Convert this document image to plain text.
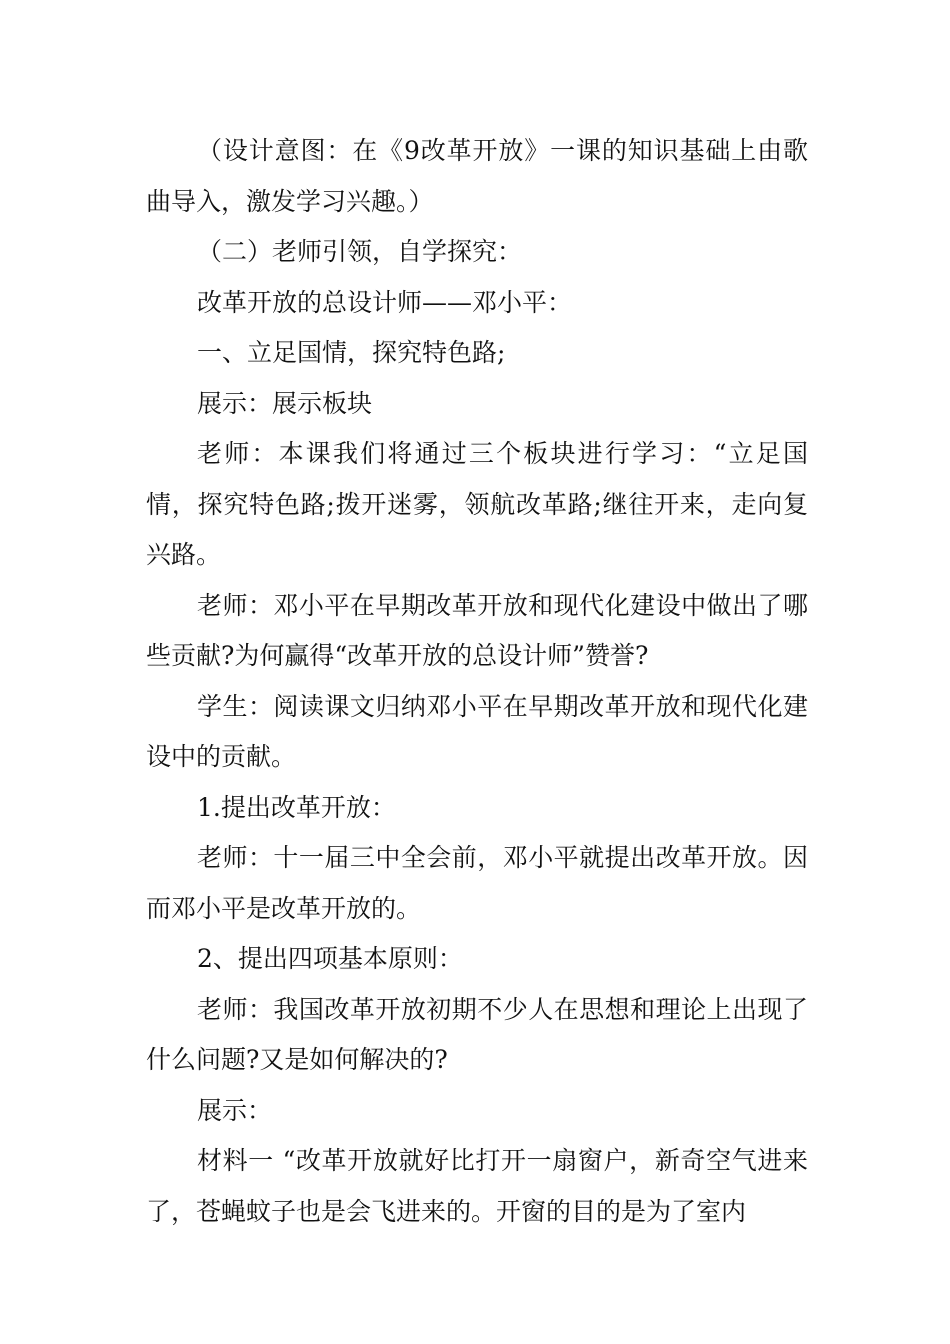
（设计意图：在《9改革开放》一课的知识基础上由歌曲导入，激发学习兴趣。）

（二）老师引领，自学探究：

改革开放的总设计师——邓小平：

一、立足国情，探究特色路;

展示：展示板块

老师：本课我们将通过三个板块进行学习：“立足国情，探究特色路;拨开迷雾，领航改革路;继往开来，走向复兴路。

老师：邓小平在早期改革开放和现代化建设中做出了哪些贡献?为何赢得“改革开放的总设计师”赞誉?

学生：阅读课文归纳邓小平在早期改革开放和现代化建设中的贡献。

1.提出改革开放：

老师：十一届三中全会前，邓小平就提出改革开放。因而邓小平是改革开放的。

2、提出四项基本原则：

老师：我国改革开放初期不少人在思想和理论上出现了什么问题?又是如何解决的?

展示：

材料一 “改革开放就好比打开一扇窗户，新奇空气进来了，苍蝇蚊子也是会飞进来的。开窗的目的是为了室内
